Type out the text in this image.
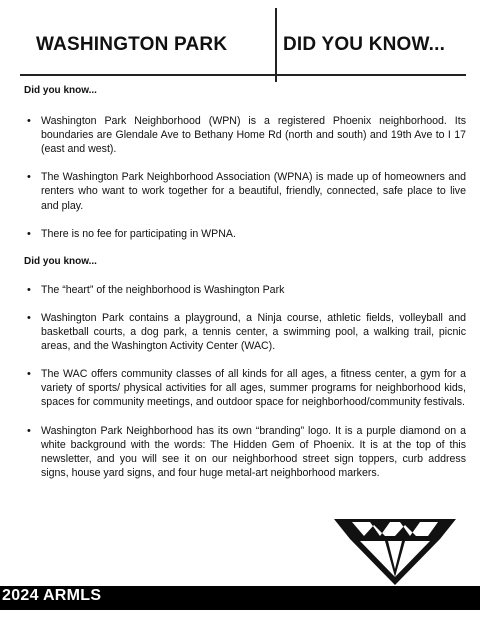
WASHINGTON PARK	DID YOU KNOW...
Did you know...
• Washington Park Neighborhood (WPN) is a registered Phoenix neighborhood. Its boundaries are Glendale Ave to Bethany Home Rd (north and south) and 19th Ave to I 17 (east and west).
• The Washington Park Neighborhood Association (WPNA) is made up of homeowners and renters who want to work together for a beautiful, friendly, connected, safe place to live and play.
• There is no fee for participating in WPNA.
Did you know...
• The “heart” of the neighborhood is Washington Park
• Washington Park contains a playground, a Ninja course, athletic fields, volleyball and basketball courts, a dog park, a tennis center, a swimming pool, a walking trail, picnic areas, and the Washington Activity Center (WAC).
• The WAC offers community classes of all kinds for all ages, a fitness center, a gym for a variety of sports/ physical activities for all ages, summer programs for neighborhood kids, spaces for community meetings, and outdoor space for neighborhood/community festivals.
• Washington Park Neighborhood has its own “branding” logo. It is a purple diamond on a white background with the words: The Hidden Gem of Phoenix. It is at the top of this newsletter, and you will see it on our neighborhood street sign toppers, curb address signs, house yard signs, and four huge metal-art neighborhood markers.
2024 ARMLS
